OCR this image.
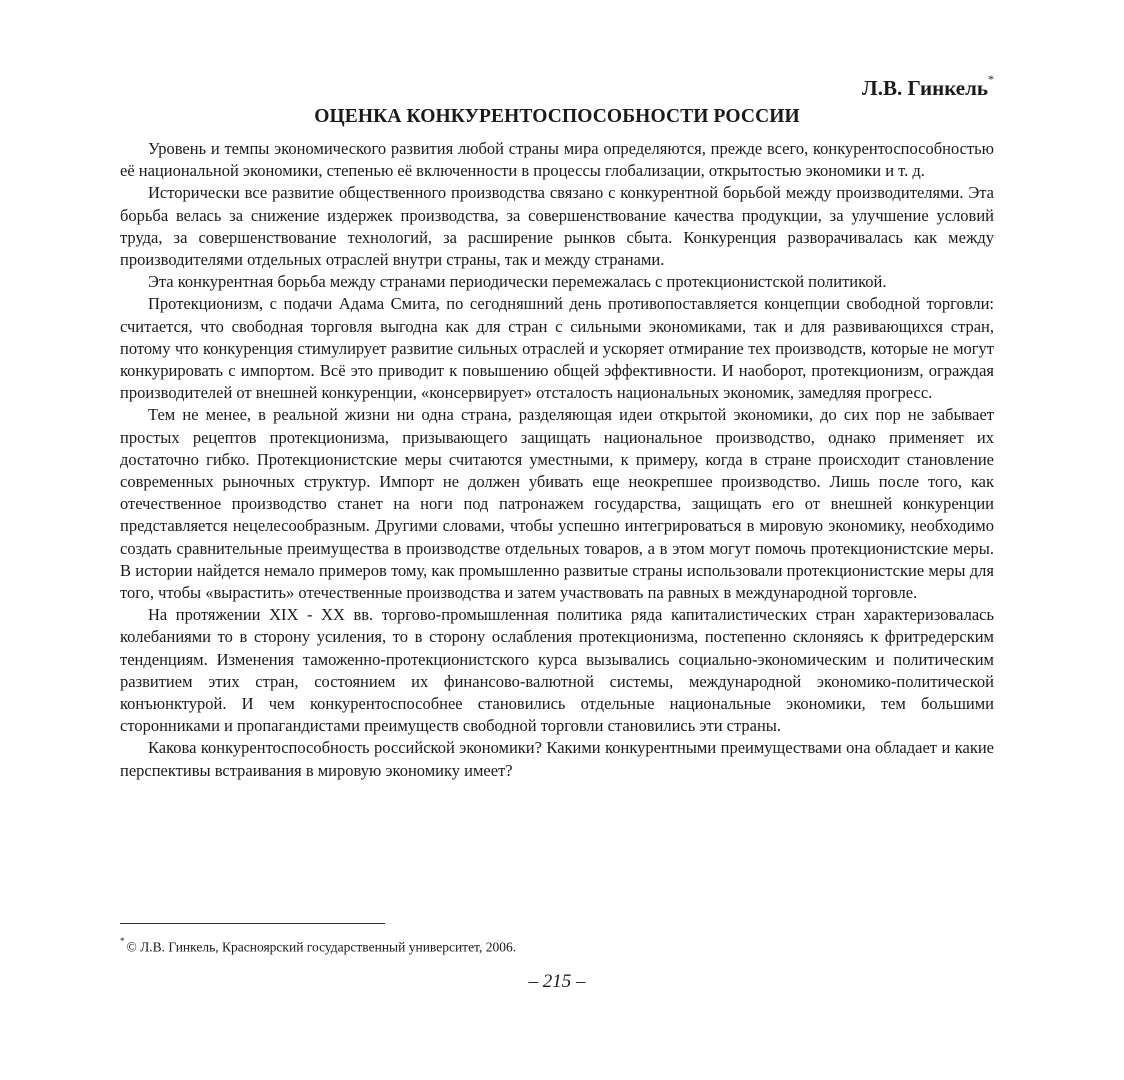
Л.В. Гинкель*
ОЦЕНКА КОНКУРЕНТОСПОСОБНОСТИ РОССИИ

Уровень и темпы экономического развития любой страны мира определяются, прежде всего, конкурентоспособностью её национальной экономики, степенью её включенности в процессы глобализации, открытостью экономики и т. д.

Исторически все развитие общественного производства связано с конкурентной борьбой между производителями. Эта борьба велась за снижение издержек производства, за совершенствование качества продукции, за улучшение условий труда, за совершенствование технологий, за расширение рынков сбыта. Конкуренция разворачивалась как между производителями отдельных отраслей внутри страны, так и между странами.

Эта конкурентная борьба между странами периодически перемежалась с протекционистской политикой.

Протекционизм, с подачи Адама Смита, по сегодняшний день противопоставляется концепции свободной торговли: считается, что свободная торговля выгодна как для стран с сильными экономиками, так и для развивающихся стран, потому что конкуренция стимулирует развитие сильных отраслей и ускоряет отмирание тех производств, которые не могут конкурировать с импортом. Всё это приводит к повышению общей эффективности. И наоборот, протекционизм, ограждая производителей от внешней конкуренции, «консервирует» отсталость национальных экономик, замедляя прогресс.

Тем не менее, в реальной жизни ни одна страна, разделяющая идеи открытой экономики, до сих пор не забывает простых рецептов протекционизма, призывающего защищать национальное производство, однако применяет их достаточно гибко. Протекционистские меры считаются уместными, к примеру, когда в стране происходит становление современных рыночных структур. Импорт не должен убивать еще неокрепшее производство. Лишь после того, как отечественное производство станет на ноги под патронажем государства, защищать его от внешней конкуренции представляется нецелесообразным. Другими словами, чтобы успешно интегрироваться в мировую экономику, необходимо создать сравнительные преимущества в производстве отдельных товаров, а в этом могут помочь протекционистские меры. В истории найдется немало примеров тому, как промышленно развитые страны использовали протекционистские меры для того, чтобы «вырастить» отечественные производства и затем участвовать па равных в международной торговле.

На протяжении XIX - XX вв. торгово-промышленная политика ряда капиталистических стран характеризовалась колебаниями то в сторону усиления, то в сторону ослабления протекционизма, постепенно склоняясь к фритредерским тенденциям. Изменения таможенно-протекционистского курса вызывались социально-экономическим и политическим развитием этих стран, состоянием их финансово-валютной системы, международной экономико-политической конъюнктурой. И чем конкурентоспособнее становились отдельные национальные экономики, тем большими сторонниками и пропагандистами преимуществ свободной торговли становились эти страны.

Какова конкурентоспособность российской экономики? Какими конкурентными преимуществами она обладает и какие перспективы встраивания в мировую экономику имеет?

* © Л.В. Гинкель, Красноярский государственный университет, 2006.
– 215 –
